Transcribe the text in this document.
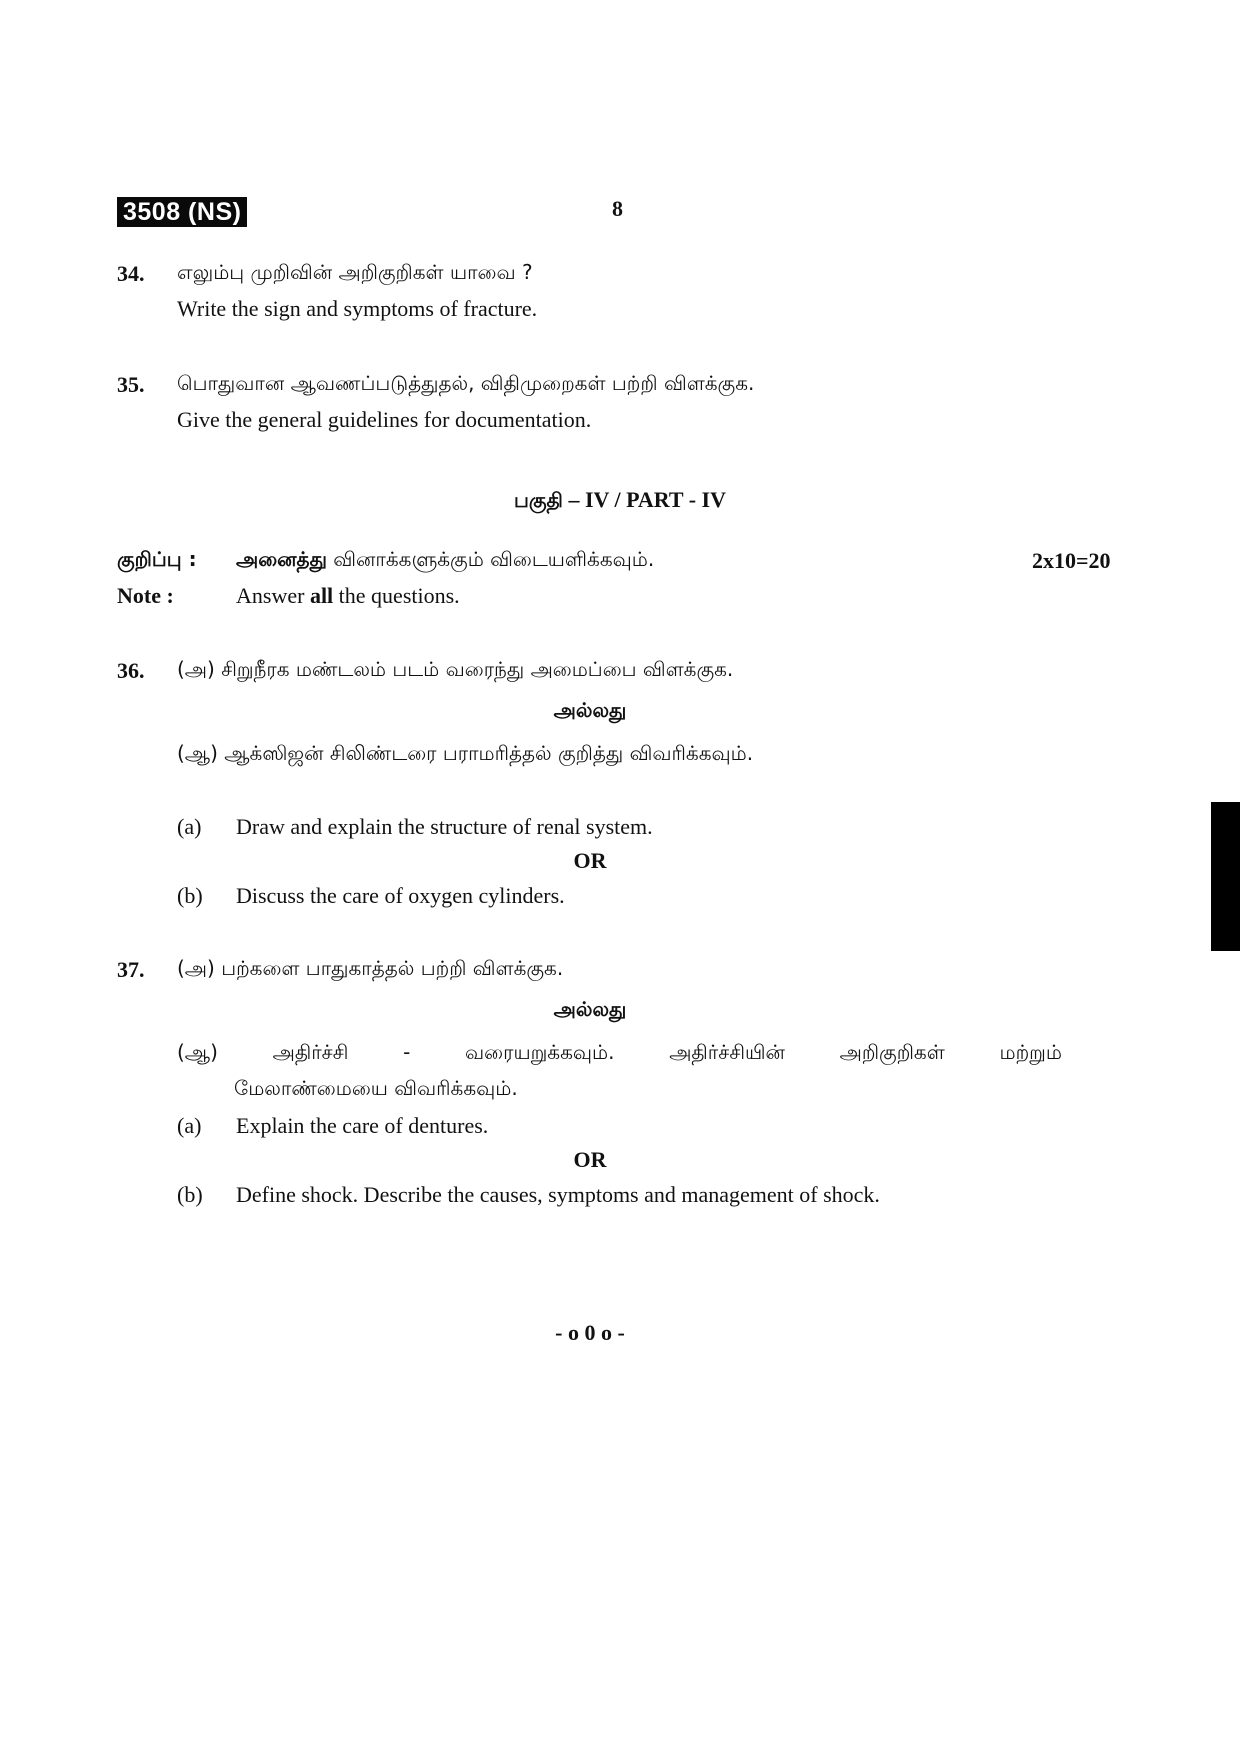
3508 (NS)	8
34. எலும்பு முறிவின் அறிகுறிகள் யாவை ?
Write the sign and symptoms of fracture.
35. பொதுவான ஆவணப்படுத்துதல், விதிமுறைகள் பற்றி விளக்குக.
Give the general guidelines for documentation.
பகுதி – IV / PART - IV
குறிப்பு : அனைத்து வினாக்களுக்கும் விடையளிக்கவும்.	2x10=20
Note :	Answer all the questions.
36. (அ) சிறுநீரக மண்டலம் படம் வரைந்து அமைப்பை விளக்குக.
அல்லது
(ஆ) ஆக்ஸிஜன் சிலிண்டரை பராமரித்தல் குறித்து விவரிக்கவும்.
(a) Draw and explain the structure of renal system.
OR
(b) Discuss the care of oxygen cylinders.
37. (அ) பற்களை பாதுகாத்தல் பற்றி விளக்குக.
அல்லது
(ஆ) அதிர்ச்சி - வரையறுக்கவும். அதிர்ச்சியின் அறிகுறிகள் மற்றும்
மேலாண்மையை விவரிக்கவும்.
(a) Explain the care of dentures.
OR
(b) Define shock. Describe the causes, symptoms and management of shock.
- o 0 o -
